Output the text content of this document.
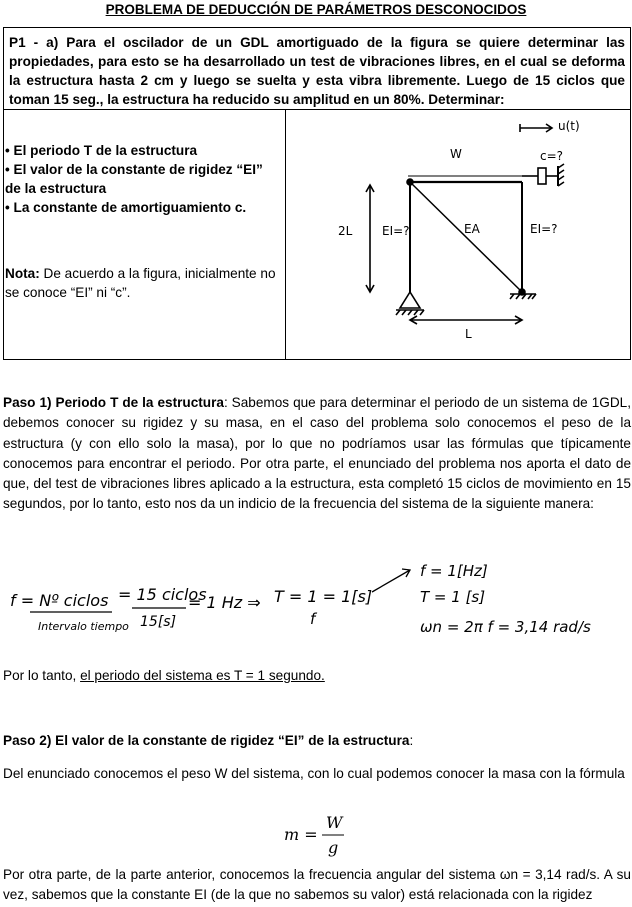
PROBLEMA DE DEDUCCIÓN DE PARÁMETROS DESCONOCIDOS
P1 - a) Para el oscilador de un GDL amortiguado de la figura se quiere determinar las propiedades, para esto se ha desarrollado un test de vibraciones libres, en el cual se deforma la estructura hasta 2 cm y luego se suelta y esta vibra libremente. Luego de 15 ciclos que toman 15 seg., la estructura ha reducido su amplitud en un 80%. Determinar:
• El periodo T de la estructura
• El valor de la constante de rigidez “EI” de la estructura
• La constante de amortiguamiento c.
Nota: De acuerdo a la figura, inicialmente no se conoce “EI” ni “c”.
u(t)
W	c=?
2L EI=?	EA	EI=?
L
Paso 1) Periodo T de la estructura: Sabemos que para determinar el periodo de un sistema de 1GDL, debemos conocer su rigidez y su masa, en el caso del problema solo conocemos el peso de la estructura (y con ello solo la masa), por lo que no podríamos usar las fórmulas que típicamente conocemos para encontrar el periodo. Por otra parte, el enunciado del problema nos aporta el dato de que, del test de vibraciones libres aplicado a la estructura, esta completó 15 ciclos de movimiento en 15 segundos, por lo tanto, esto nos da un indicio de la frecuencia del sistema de la siguiente manera:
f = Nº ciclos
Intervalo tiempo
= 15 ciclos
15[s]
= 1 Hz ⇒ T = 1 = 1[s]
f
f = 1[Hz]
T = 1 [s]
ωn = 2π f = 3,14 rad/s
Por lo tanto, el periodo del sistema es T = 1 segundo.
Paso 2) El valor de la constante de rigidez “EI” de la estructura:
Del enunciado conocemos el peso W del sistema, con lo cual podemos conocer la masa con la fórmula
m =
W
g
Por otra parte, de la parte anterior, conocemos la frecuencia angular del sistema ωn = 3,14 rad/s. A su vez, sabemos que la constante EI (de la que no sabemos su valor) está relacionada con la rigidez
